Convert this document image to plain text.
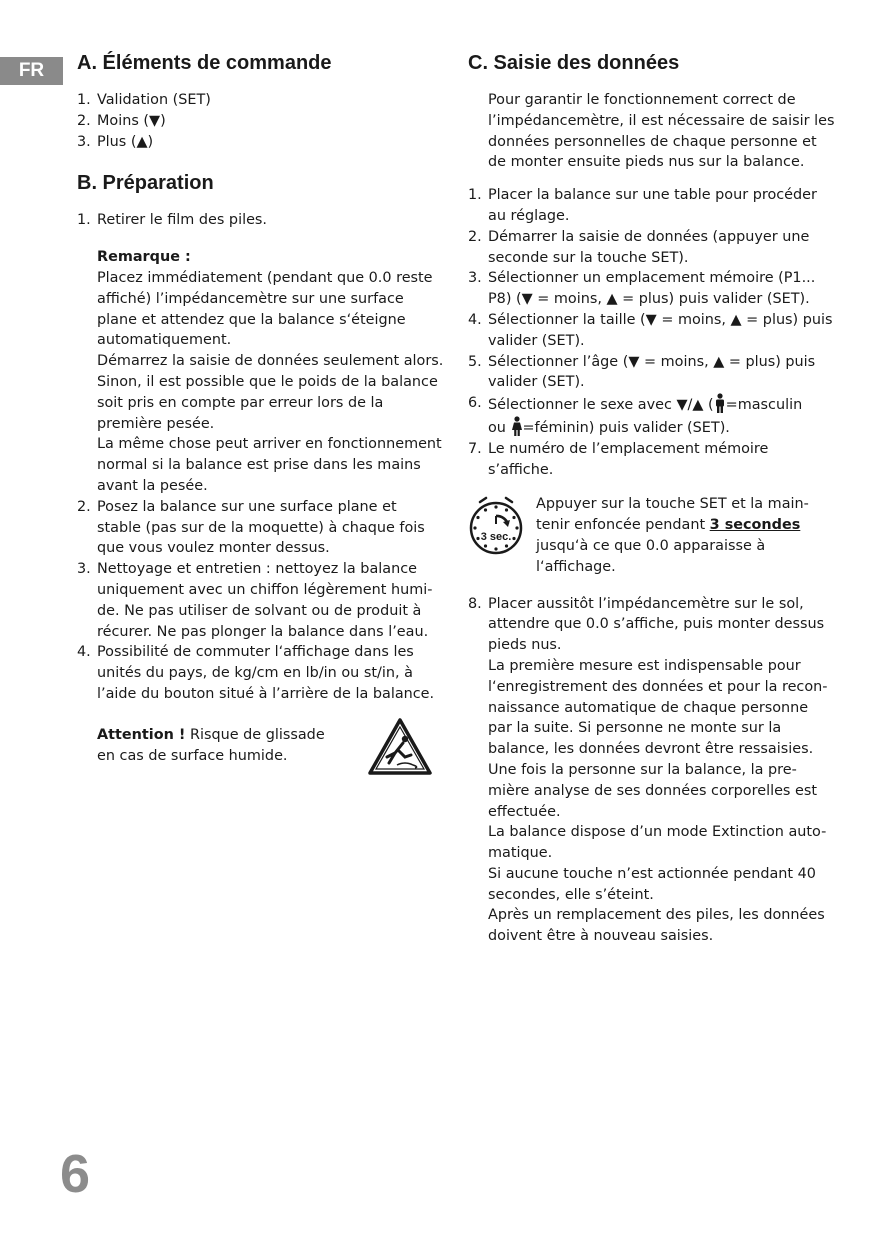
FR	A. Éléments de commande
1. Validation (SET)
2. Moins (▼)
3. Plus (▲)
B. Préparation
1. Retirer le film des piles.

Remarque :

Placez immédiatement (pendant que 0.0 reste affiché) l’impédancemètre sur une surface plane et attendez que la balance s‘éteigne automatiquement.

Démarrez la saisie de données seulement alors. Sinon, il est possible que le poids de la balance soit pris en compte par erreur lors de la première pesée.

La même chose peut arriver en fonctionnement normal si la balance est prise dans les mains avant la pesée.

2. Posez la balance sur une surface plane et stable (pas sur de la moquette) à chaque fois que vous voulez monter dessus.
3. Nettoyage et entretien : nettoyez la balance uniquement avec un chiffon légèrement humi-de. Ne pas utiliser de solvant ou de produit à récurer. Ne pas plonger la balance dans l’eau.
4. Possibilité de commuter l‘affichage dans les unités du pays, de kg/cm en lb/in ou st/in, à l’aide du bouton situé à l’arrière de la balance.
Attention ! Risque de glissade en cas de surface humide.
C. Saisie des données

Pour garantir le fonctionnement correct de l’impédancemètre, il est nécessaire de saisir les données personnelles de chaque personne et de monter ensuite pieds nus sur la balance.

1. Placer la balance sur une table pour procéder au réglage.
2. Démarrer la saisie de données (appuyer une seconde sur la touche SET).
3. Sélectionner un emplacement mémoire (P1... P8) (▼ = moins, ▲ = plus) puis valider (SET).
4. Sélectionner la taille (▼ = moins, ▲ = plus) puis valider (SET).
5. Sélectionner l’âge (▼ = moins, ▲ = plus) puis valider (SET).
6. Sélectionner le sexe avec ▼/▲ ( =masculin
ou =féminin) puis valider (SET).
7. Le numéro de l’emplacement mémoire s’affiche.
3 sec.
Appuyer sur la touche SET et la main-tenir enfoncée pendant 3 secondes jusqu‘à ce que 0.0 apparaisse à l‘affichage.
8. Placer aussitôt l’impédancemètre sur le sol, attendre que 0.0 s’affiche, puis monter dessus pieds nus.

La première mesure est indispensable pour l‘enregistrement des données et pour la recon-naissance automatique de chaque personne par la suite. Si personne ne monte sur la balance, les données devront être ressaisies.

Une fois la personne sur la balance, la pre-mière analyse de ses données corporelles est effectuée.

La balance dispose d’un mode Extinction auto-matique.

Si aucune touche n’est actionnée pendant 40 secondes, elle s’éteint.

Après un remplacement des piles, les données doivent être à nouveau saisies.

6
